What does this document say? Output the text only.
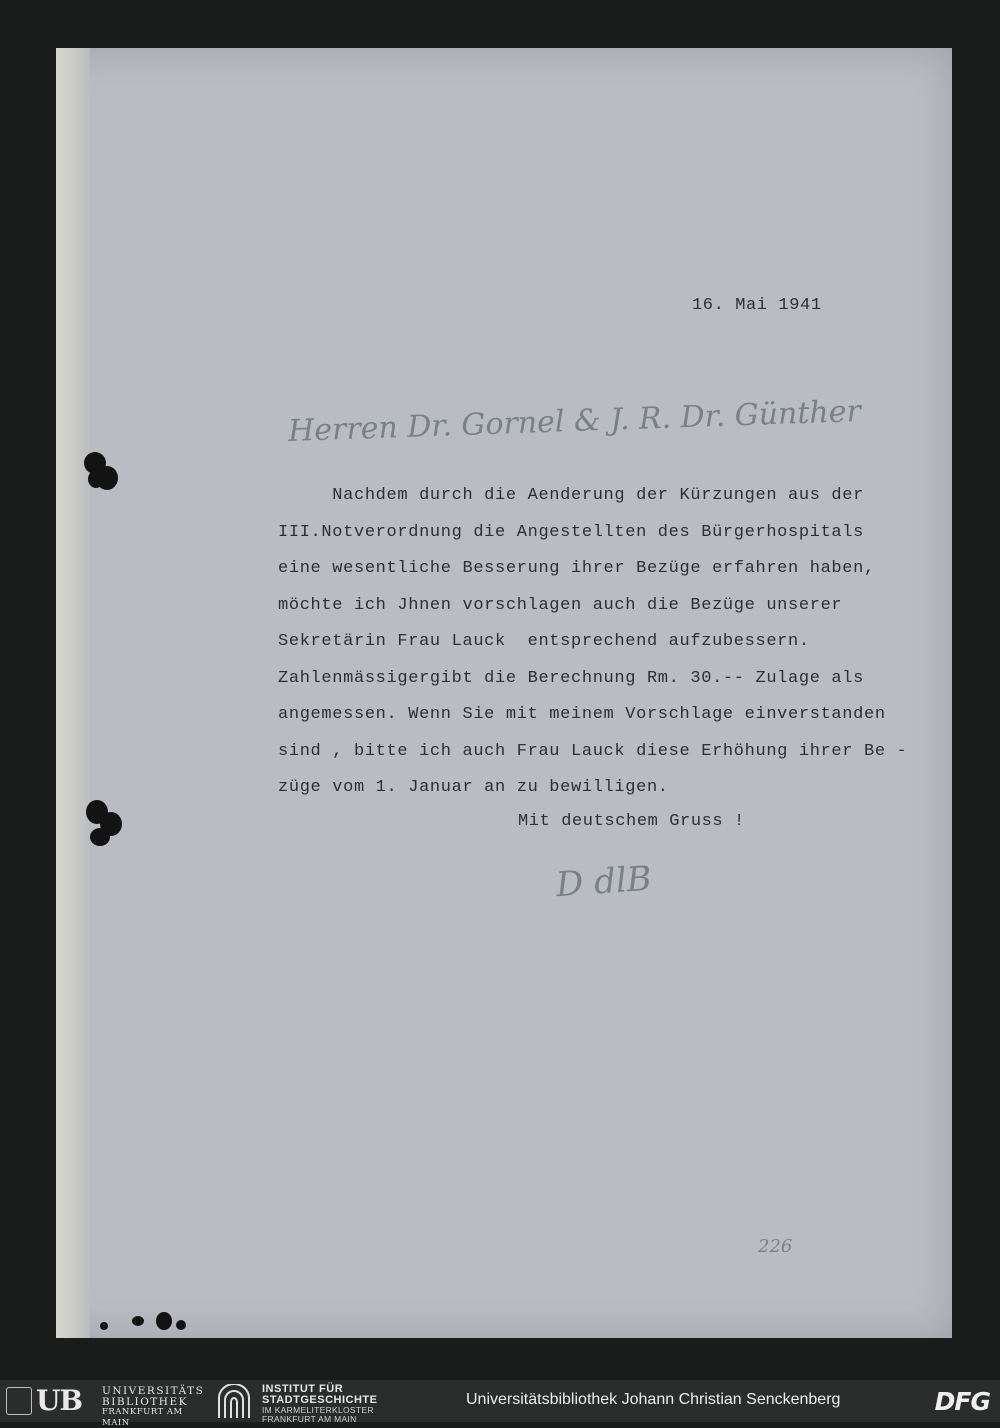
16. Mai 1941
Herren Dr. Gornel & J. R. Dr. Günther
Nachdem durch die Aenderung der Kürzungen aus der
III.Notverordnung die Angestellten des Bürgerhospitals
eine wesentliche Besserung ihrer Bezüge erfahren haben,
möchte ich Jhnen vorschlagen auch die Bezüge unserer
Sekretärin Frau Lauck  entsprechend aufzubessern.
Zahlenmässigergibt die Berechnung Rm. 30.-- Zulage als
angemessen. Wenn Sie mit meinem Vorschlage einverstanden
sind , bitte ich auch Frau Lauck diese Erhöhung ihrer Be -
züge vom 1. Januar an zu bewilligen.
Mit deutschem Gruss !
D dlB
226
UB	UNIVERSITÄTS
BIBLIOTHEK
FRANKFURT AM MAIN
INSTITUT FÜR
STADTGESCHICHTE
IM KARMELITERKLOSTER
FRANKFURT AM MAIN
Universitätsbibliothek Johann Christian Senckenberg	DFG
